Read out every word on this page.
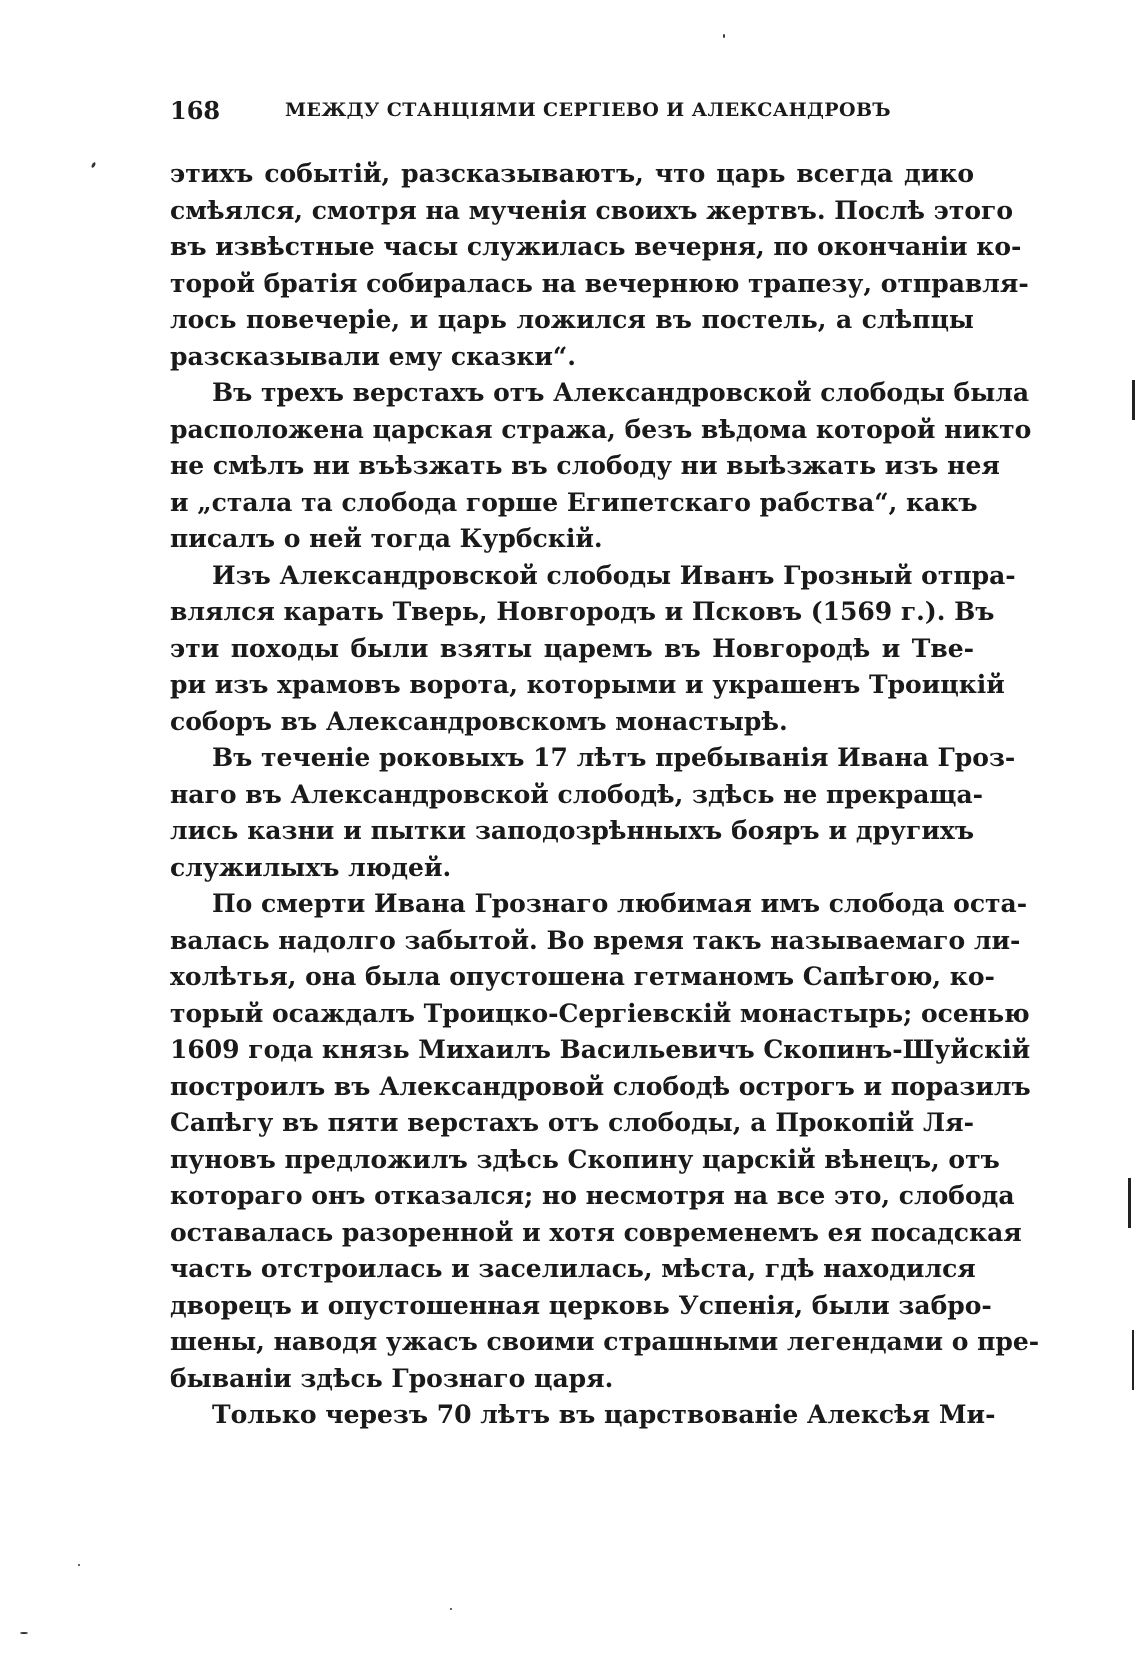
168	МЕЖДУ СТАНЦІЯМИ СЕРГІЕВО И АЛЕКСАНДРОВЪ
этихъ событій, разсказываютъ, что царь всегда дико
смѣялся, смотря на мученія своихъ жертвъ. Послѣ этого
въ извѣстные часы служилась вечерня, по окончаніи ко-
торой братія собиралась на вечернюю трапезу, отправля-
лось повечеріе, и царь ложился въ постель, а слѣпцы
разсказывали ему сказки“.
Въ трехъ верстахъ отъ Александровской слободы была
расположена царская стража, безъ вѣдома которой никто
не смѣлъ ни въѣзжать въ слободу ни выѣзжать изъ нея
и „стала та слобода горше Египетскаго рабства“, какъ
писалъ о ней тогда Курбскій.
Изъ Александровской слободы Иванъ Грозный отпра-
влялся карать Тверь, Новгородъ и Псковъ (1569 г.). Въ
эти походы были взяты царемъ въ Новгородѣ и Тве-
ри изъ храмовъ ворота, которыми и украшенъ Троицкій
соборъ въ Александровскомъ монастырѣ.
Въ теченіе роковыхъ 17 лѣтъ пребыванія Ивана Гроз-
наго въ Александровской слободѣ, здѣсь не прекраща-
лись казни и пытки заподозрѣнныхъ бояръ и другихъ
служилыхъ людей.
По смерти Ивана Грознаго любимая имъ слобода оста-
валась надолго забытой. Во время такъ называемаго ли-
холѣтья, она была опустошена гетманомъ Сапѣгою, ко-
торый осаждалъ Троицко-Сергіевскій монастырь; осенью
1609 года князь Михаилъ Васильевичъ Скопинъ-Шуйскій
построилъ въ Александровой слободѣ острогъ и поразилъ
Сапѣгу въ пяти верстахъ отъ слободы, а Прокопій Ля-
пуновъ предложилъ здѣсь Скопину царскій вѣнецъ, отъ
котораго онъ отказался; но несмотря на все это, слобода
оставалась разоренной и хотя современемъ ея посадская
часть отстроилась и заселилась, мѣста, гдѣ находился
дворецъ и опустошенная церковь Успенія, были забро-
шены, наводя ужасъ своими страшными легендами о пре-
бываніи здѣсь Грознаго царя.
Только черезъ 70 лѣтъ въ царствованіе Алексѣя Ми-
